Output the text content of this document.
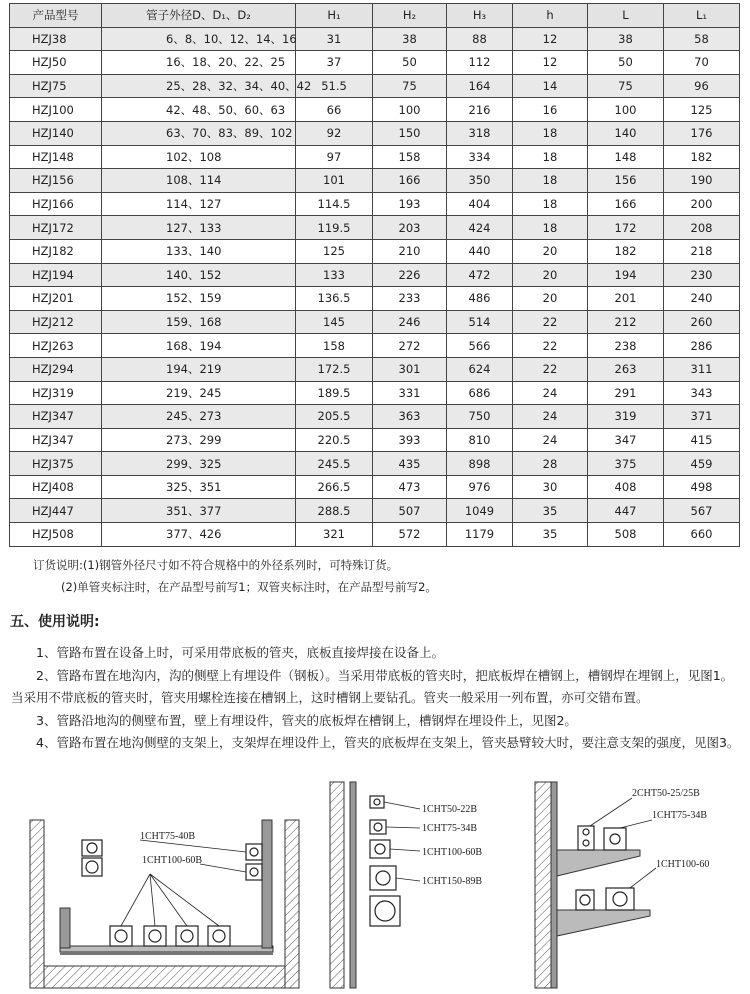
产品型号	管子外径D、D₁、D₂	H₁	H₂	H₃	h	L	L₁
HZJ38	6、8、10、12、14、16	31	38	88	12	38	58
HZJ50	16、18、20、22、25	37	50	112	12	50	70
HZJ75	25、28、32、34、40、42	51.5	75	164	14	75	96
HZJ100	42、48、50、60、63	66	100	216	16	100	125
HZJ140	63、70、83、89、102	92	150	318	18	140	176
HZJ148	102、108	97	158	334	18	148	182
HZJ156	108、114	101	166	350	18	156	190
HZJ166	114、127	114.5	193	404	18	166	200
HZJ172	127、133	119.5	203	424	18	172	208
HZJ182	133、140	125	210	440	20	182	218
HZJ194	140、152	133	226	472	20	194	230
HZJ201	152、159	136.5	233	486	20	201	240
HZJ212	159、168	145	246	514	22	212	260
HZJ263	168、194	158	272	566	22	238	286
HZJ294	194、219	172.5	301	624	22	263	311
HZJ319	219、245	189.5	331	686	24	291	343
HZJ347	245、273	205.5	363	750	24	319	371
HZJ347	273、299	220.5	393	810	24	347	415
HZJ375	299、325	245.5	435	898	28	375	459
HZJ408	325、351	266.5	473	976	30	408	498
HZJ447	351、377	288.5	507	1049	35	447	567
HZJ508	377、426	321	572	1179	35	508	660
订货说明:(1)钢管外径尺寸如不符合规格中的外径系列时，可特殊订货。
(2)单管夹标注时，在产品型号前写1；双管夹标注时，在产品型号前写2。
五、使用说明:

1、管路布置在设备上时，可采用带底板的管夹，底板直接焊接在设备上。

2、管路布置在地沟内，沟的侧壁上有埋设件（钢板）。当采用带底板的管夹时，把底板焊在槽钢上，槽钢焊在埋钢上，见图1。当采用不带底板的管夹时，管夹用螺栓连接在槽钢上，这时槽钢上要钻孔。管夹一般采用一列布置，亦可交错布置。

3、管路沿地沟的侧壁布置，壁上有埋设件，管夹的底板焊在槽钢上，槽钢焊在埋设件上，见图2。

4、管路布置在地沟侧壁的支架上，支架焊在埋设件上，管夹的底板焊在支架上，管夹悬臂较大时，要注意支架的强度，见图3。

1CHT75-40B
1CHT100-60B
1CHT50-22B
1CHT75-34B
1CHT100-60B
1CHT150-89B
2CHT50-25/25B
1CHT75-34B
1CHT100-60
